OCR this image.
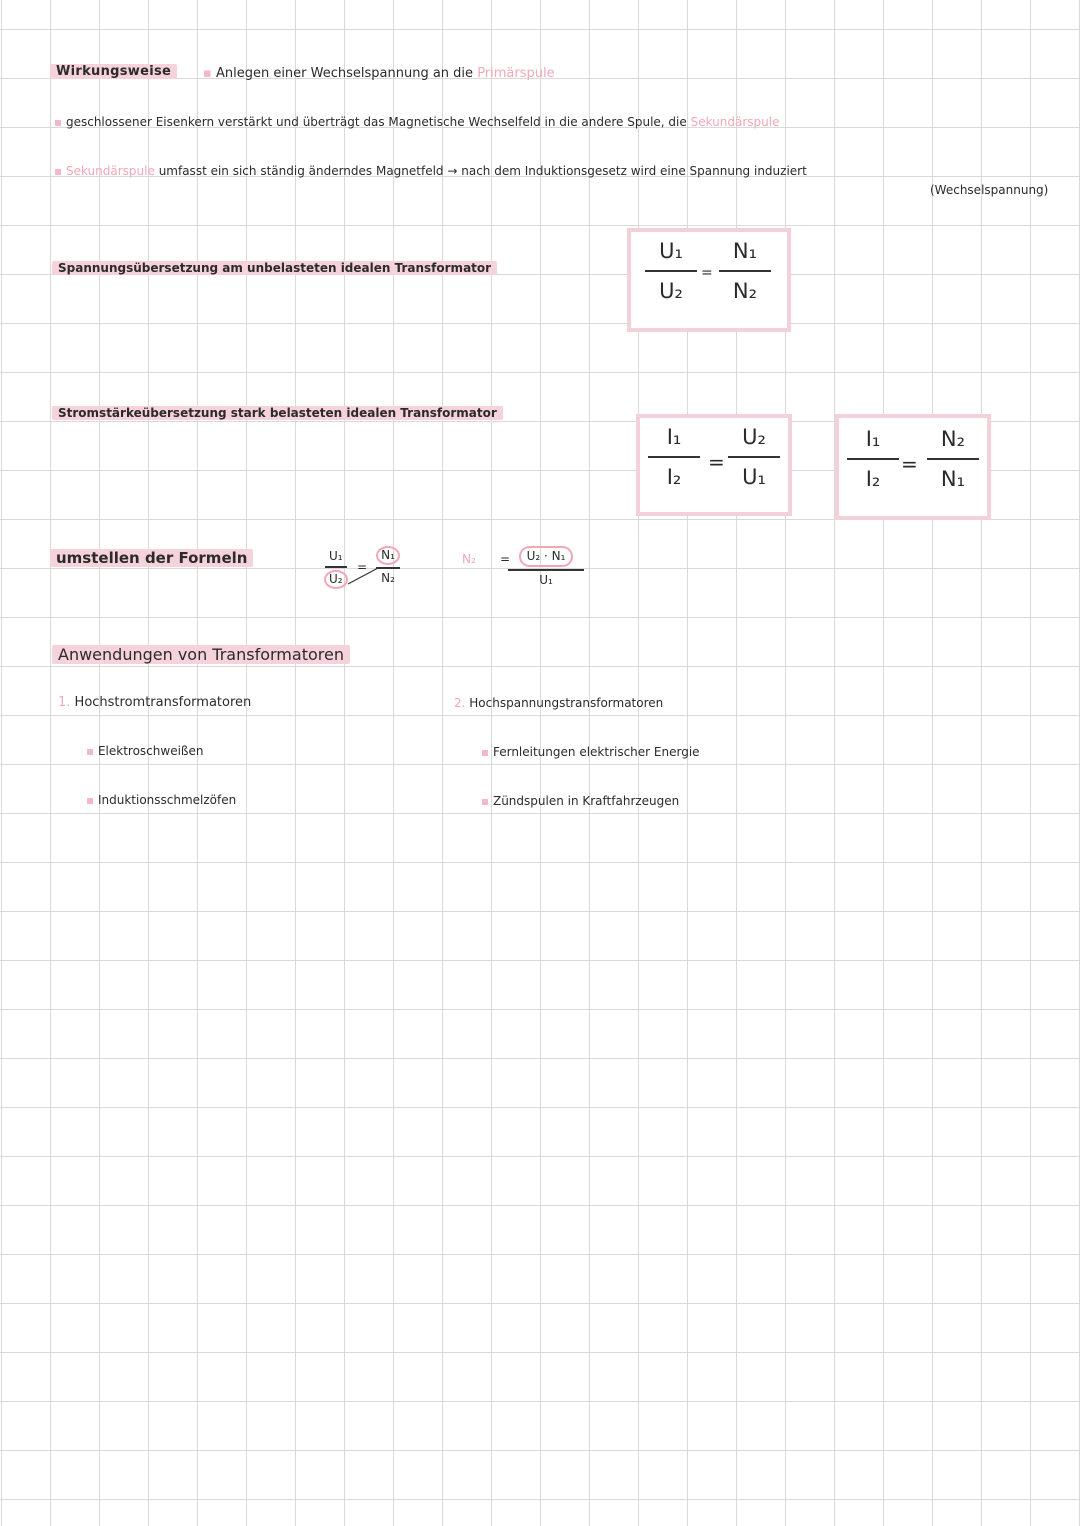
Wirkungsweise	▪ Anlegen einer Wechselspannung an die Primärspule
▪ geschlossener Eisenkern verstärkt und überträgt das Magnetische Wechselfeld in die andere Spule, die Sekundärspule
▪ Sekundärspule umfasst ein sich ständig änderndes Magnetfeld → nach dem Induktionsgesetz wird eine Spannung induziert
(Wechselspannung)
Spannungsübersetzung am unbelasteten idealen Transformator
U₁
U₂
=
N₁
N₂
Stromstärkeübersetzung stark belasteten idealen Transformator
I₁
I₂
=
U₂
U₁
I₁
I₂
=
N₂
N₁
umstellen der Formeln	$\frac{\text{U₁}}{\text{U₂}} = \frac{\text{N₁}}{\text{N₂}}$	N₂ =
$\frac{\text{U₂ · N₁}}{\text{U₁}}$
Anwendungen von Transformatoren
1. Hochstromtransformatoren
▪ Elektroschweißen
▪ Induktionsschmelzöfen
2. Hochspannungstransformatoren
▪ Fernleitungen elektrischer Energie
▪ Zündspulen in Kraftfahrzeugen
